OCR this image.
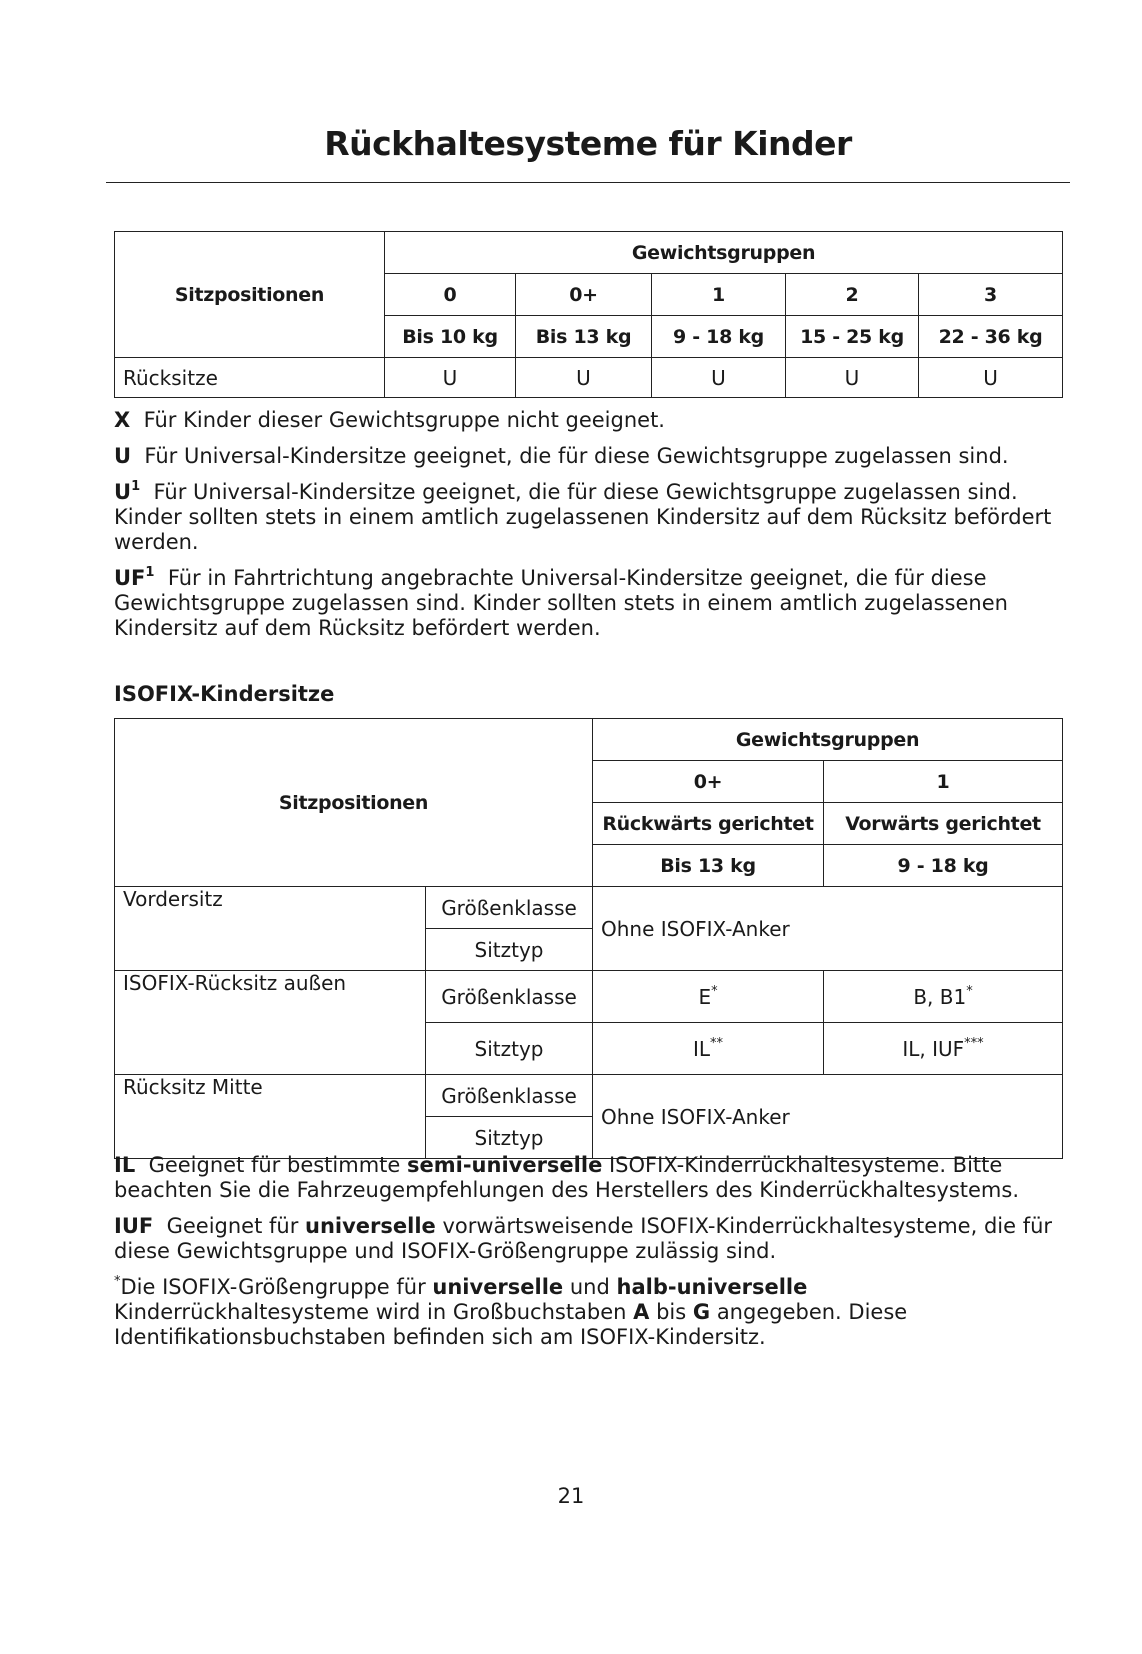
Rückhaltesysteme für Kinder
Sitzpositionen	Gewichtsgruppen				
	0	0+	1	2	3
	Bis 10 kg	Bis 13 kg	9 - 18 kg	15 - 25 kg	22 - 36 kg
Rücksitze	U	U	U	U	U

X Für Kinder dieser Gewichtsgruppe nicht geeignet.

U Für Universal-Kindersitze geeignet, die für diese Gewichtsgruppe zugelassen sind.

$U^1$ Für Universal-Kindersitze geeignet, die für diese Gewichtsgruppe zugelassen sind. Kinder sollten stets in einem amtlich zugelassenen Kindersitz auf dem Rücksitz befördert werden.

$UF^1$ Für in Fahrtrichtung angebrachte Universal-Kindersitze geeignet, die für diese Gewichtsgruppe zugelassen sind. Kinder sollten stets in einem amtlich zugelassenen Kindersitz auf dem Rücksitz befördert werden.

ISOFIX-Kindersitze
Sitzpositionen		Gewichtsgruppen	
		0+	1
		Rückwärts gerichtet	Vorwärts gerichtet
		Bis 13 kg	9 - 18 kg
Vordersitz	Größenklasse	Ohne ISOFIX-Anker	
	Sitztyp		
ISOFIX-Rücksitz außen	Größenklasse	E*	B, B1*
	Sitztyp	IL**	IL, IUF***
Rücksitz Mitte	Größenklasse	Ohne ISOFIX-Anker	
	Sitztyp		

IL Geeignet für bestimmte semi-universelle ISOFIX-Kinderrückhaltesysteme. Bitte beachten Sie die Fahrzeugempfehlungen des Herstellers des Kinderrückhaltesystems.

IUF Geeignet für universelle vorwärtsweisende ISOFIX-Kinderrückhaltesysteme, die für diese Gewichtsgruppe und ISOFIX-Größengruppe zulässig sind.

*Die ISOFIX-Größengruppe für universelle und halb-universelle Kinderrückhaltesysteme wird in Großbuchstaben A bis G angegeben. Diese Identifikationsbuchstaben befinden sich am ISOFIX-Kindersitz.

21
